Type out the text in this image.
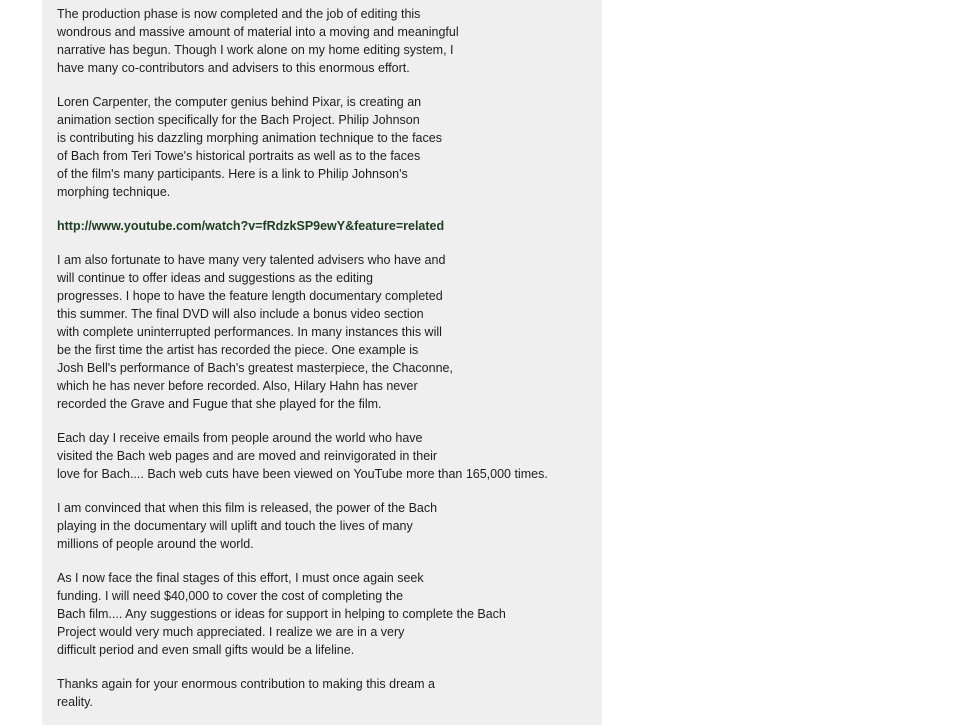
The production phase is now completed and the job of editing this
wondrous and massive amount of material into a moving and meaningful
narrative has begun. Though I work alone on my home editing system, I
have many co-contributors and advisers to this enormous effort.

Loren Carpenter, the computer genius behind Pixar, is creating an
animation section specifically for the Bach Project. Philip Johnson
is contributing his dazzling morphing animation technique to the faces
of Bach from Teri Towe's historical portraits as well as to the faces
of the film's many participants. Here is a link to Philip Johnson's
morphing technique.

http://www.youtube.com/watch?v=fRdzkSP9ewY&feature=related

I am also fortunate to have many very talented advisers who have and
will continue to offer ideas and suggestions as the editing
progresses. I hope to have the feature length documentary completed
this summer. The final DVD will also include a bonus video section
with complete uninterrupted performances. In many instances this will
be the first time the artist has recorded the piece. One example is
Josh Bell's performance of Bach's greatest masterpiece, the Chaconne,
which he has never before recorded. Also, Hilary Hahn has never
recorded the Grave and Fugue that she played for the film.

Each day I receive emails from people around the world who have
visited the Bach web pages and are moved and reinvigorated in their
love for Bach.... Bach web cuts have been viewed on YouTube more than 165,000 times.

I am convinced that when this film is released, the power of the Bach
playing in the documentary will uplift and touch the lives of many
millions of people around the world.

As I now face the final stages of this effort, I must once again seek
funding. I will need $40,000 to cover the cost of completing the
Bach film.... Any suggestions or ideas for support in helping to complete the Bach
Project would very much appreciated. I realize we are in a very
difficult period and even small gifts would be a lifeline.

Thanks again for your enormous contribution to making this dream a
reality.
